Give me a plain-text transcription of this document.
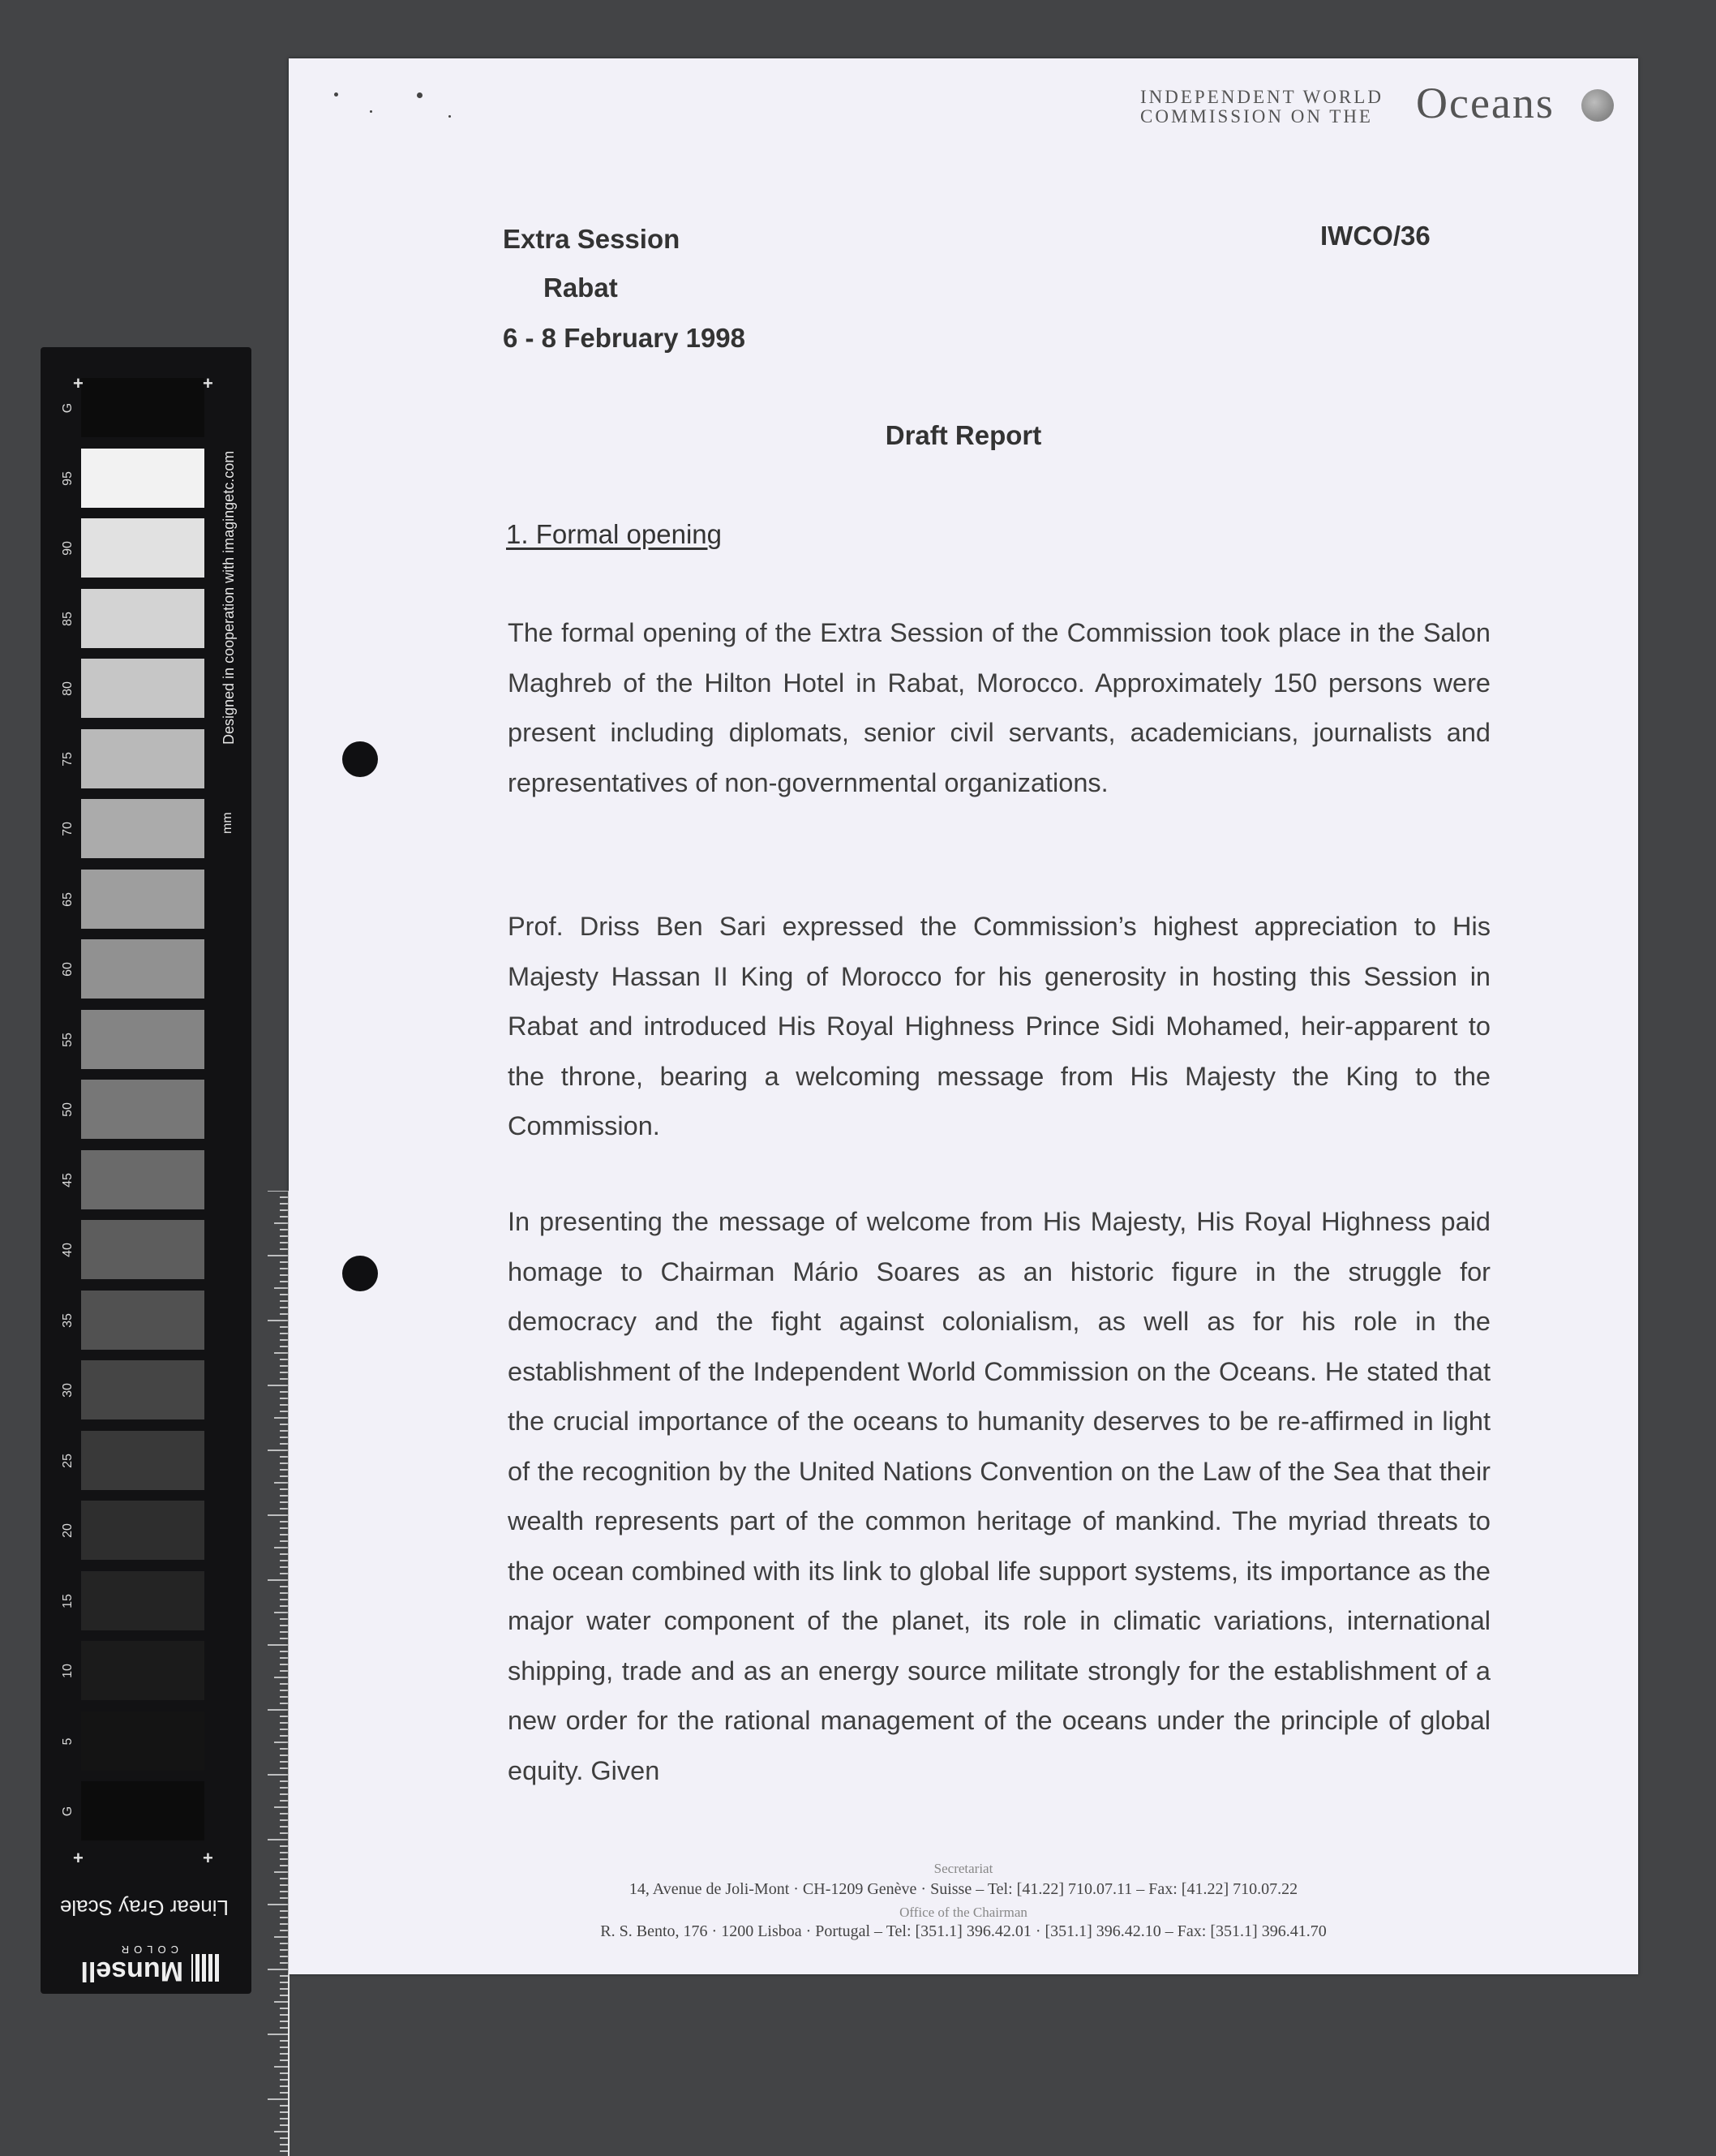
G
95
90
85
80
75
70
65
60
55
50
45
40
35
30
25
20
15
10
5
G
+	+
+	+
Designed in cooperation with imagingetc.com
mm
Linear Gray Scale
Munsell
COLOR
INDEPENDENT WORLD
COMMISSION ON THE Oceans
Extra Session
Rabat
6 - 8 February 1998
IWCO/36
Draft Report
1. Formal opening

The formal opening of the Extra Session of the Commission took place in the Salon Maghreb of the Hilton Hotel in Rabat, Morocco. Approximately 150 persons were present including diplomats, senior civil servants, academicians, journalists and representatives of non-governmental organizations.

Prof. Driss Ben Sari expressed the Commission’s highest appreciation to His Majesty Hassan II King of Morocco for his generosity in hosting this Session in Rabat and introduced His Royal Highness Prince Sidi Mohamed, heir-apparent to the throne, bearing a welcoming message from His Majesty the King to the Commission.

In presenting the message of welcome from His Majesty, His Royal Highness paid homage to Chairman Mário Soares as an historic figure in the struggle for democracy and the fight against colonialism, as well as for his role in the establishment of the Independent World Commission on the Oceans. He stated that the crucial importance of the oceans to humanity deserves to be re-affirmed in light of the recognition by the United Nations Convention on the Law of the Sea that their wealth represents part of the common heritage of mankind. The myriad threats to the ocean combined with its link to global life support systems, its importance as the major water component of the planet, its role in climatic variations, international shipping, trade and as an energy source militate strongly for the establishment of a new order for the rational management of the oceans under the principle of global equity. Given

Secretariat
14, Avenue de Joli-Mont · CH-1209 Genève · Suisse – Tel: [41.22] 710.07.11 – Fax: [41.22] 710.07.22
Office of the Chairman
R. S. Bento, 176 · 1200 Lisboa · Portugal – Tel: [351.1] 396.42.01 · [351.1] 396.42.10 – Fax: [351.1] 396.41.70
